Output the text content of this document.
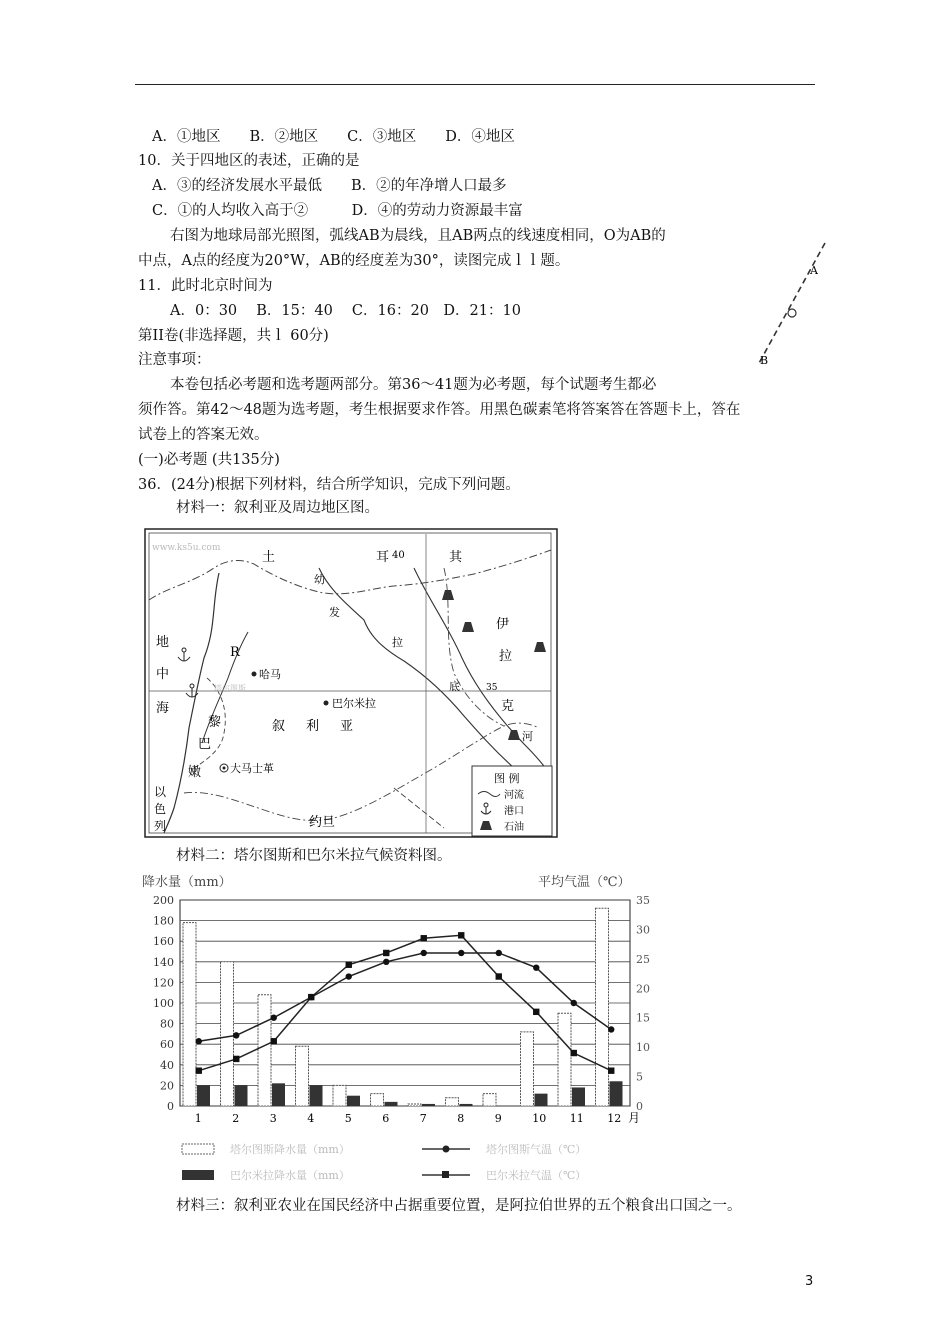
A．①地区　　B．②地区　　C．③地区　　D．④地区
10．关于四地区的表述，正确的是
A．③的经济发展水平最低　　B．②的年净增人口最多
C．①的人均收入高于②　　　D．④的劳动力资源最丰富
右图为地球局部光照图，弧线AB为晨线，且AB两点的线速度相同，O为AB的
中点，A点的经度为20°W，AB的经度差为30°，读图完成ｌｌ题。
11．此时北京时间为
A．0：30　 B．15：40　 C．16：20　D．21：10
第II卷(非选择题，共ｌ 60分)
注意事项：
本卷包括必考题和选考题两部分。第36～41题为必考题，每个试题考生都必
须作答。第42～48题为选考题，考生根据要求作答。用黑色碳素笔将答案答在答题卡上，答在
试卷上的答案无效。
(一)必考题 (共135分)
36．(24分)根据下列材料，结合所学知识，完成下列问题。
材料一：叙利亚及周边地区图。
材料二：塔尔图斯和巴尔米拉气候资料图。
材料三：叙利亚农业在国民经济中占据重要位置，是阿拉伯世界的五个粮食出口国之一。
A
B
www.ks5u.com
土	耳	其
40
幼
发
拉
底
河
地
中
海
R
哈马
塔尔图斯
巴尔米拉
叙 利 亚
黎
巴
嫩	大马士革
以
色
列	约旦
伊
拉
克
35
图 例
河流
港口
石油
降水量（mm）	平均气温（℃）
0
20
40
60
80
100
120
140
160
180
200
0
5
10
15
20
25
30
35
1	2	3	4	5	6	7	8	9	10 11 12 月
塔尔图斯降水量（mm）	塔尔图斯气温（℃）
巴尔米拉降水量（mm）	巴尔米拉气温（℃）
3
